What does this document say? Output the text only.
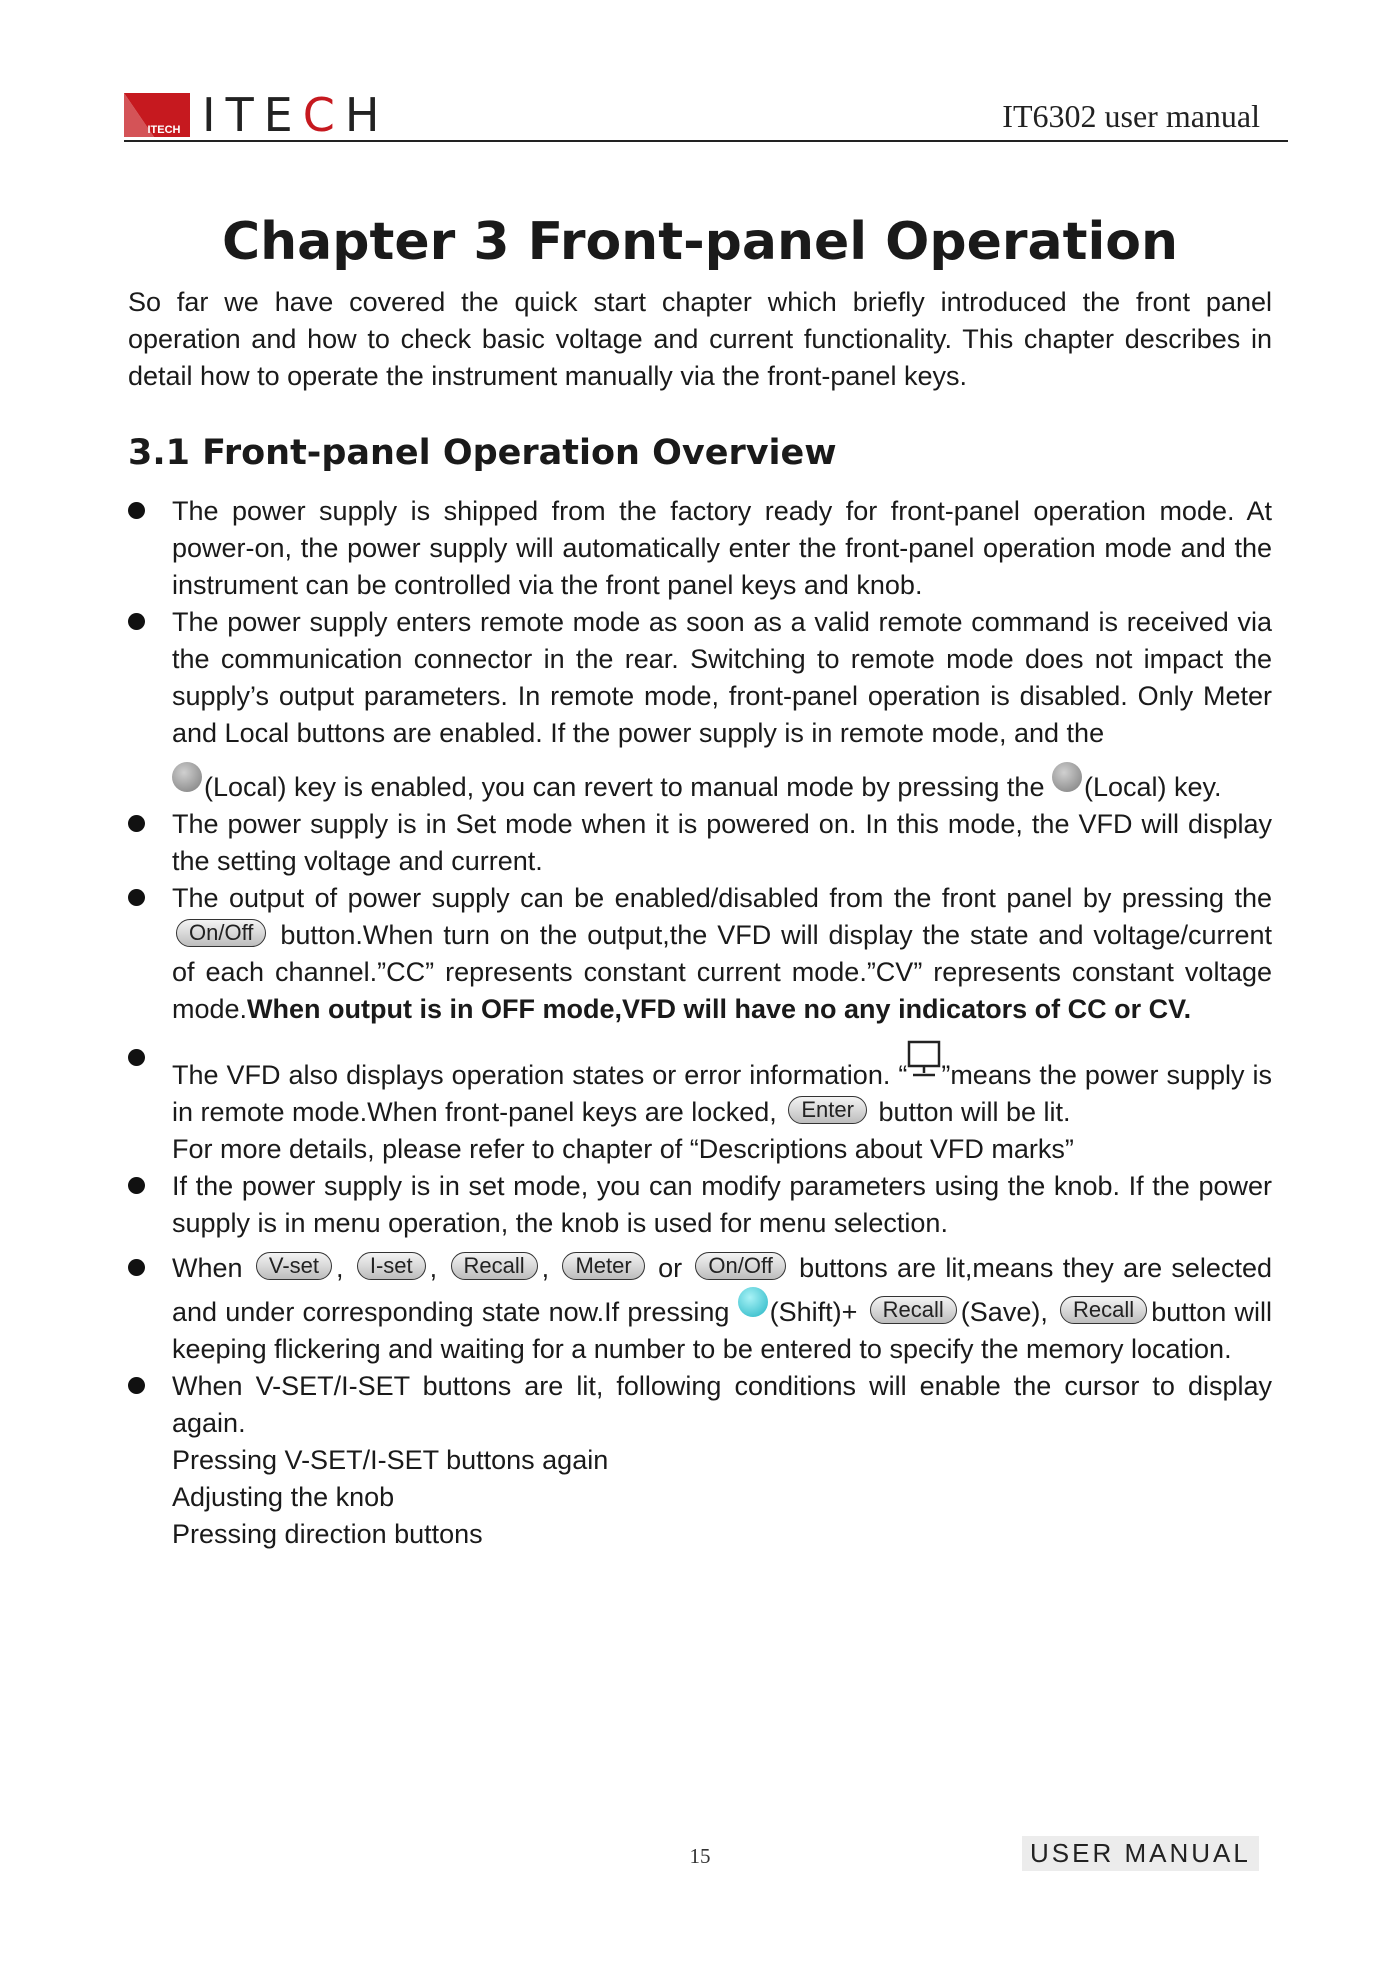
ITECH ITECH	IT6302 user manual
Chapter 3 Front-panel Operation

So far we have covered the quick start chapter which briefly introduced the front panel operation and how to check basic voltage and current functionality. This chapter describes in detail how to operate the instrument manually via the front-panel keys.

3.1 Front-panel Operation Overview
The power supply is shipped from the factory ready for front-panel operation mode. At power-on, the power supply will automatically enter the front-panel operation mode and the instrument can be controlled via the front panel keys and knob.
The power supply enters remote mode as soon as a valid remote command is received via the communication connector in the rear. Switching to remote mode does not impact the supply’s output parameters. In remote mode, front-panel operation is disabled. Only Meter and Local buttons are enabled. If the power supply is in remote mode, and the
(Local) key is enabled, you can revert to manual mode by pressing the (Local) key.
The power supply is in Set mode when it is powered on. In this mode, the VFD will display the setting voltage and current.
The output of power supply can be enabled/disabled from the front panel by pressing the On/Off button.When turn on the output,the VFD will display the state and voltage/current of each channel.”CC” represents constant current mode.”CV” represents constant voltage mode.When output is in OFF mode,VFD will have no any indicators of CC or CV.
The VFD also displays operation states or error information. “ ”means the power supply is in remote mode.When front-panel keys are locked, Enter button will be lit.
For more details, please refer to chapter of “Descriptions about VFD marks”
If the power supply is in set mode, you can modify parameters using the knob. If the power supply is in menu operation, the knob is used for menu selection.
When V-set , I-set , Recall , Meter or On/Off buttons are lit,means they are selected and under corresponding state now.If pressing (Shift)+ Recall (Save), Recall button will keeping flickering and waiting for a number to be entered to specify the memory location.
When V-SET/I-SET buttons are lit, following conditions will enable the cursor to display again.

Pressing V-SET/I-SET buttons again

Adjusting the knob

Pressing direction buttons

15	USER MANUAL
